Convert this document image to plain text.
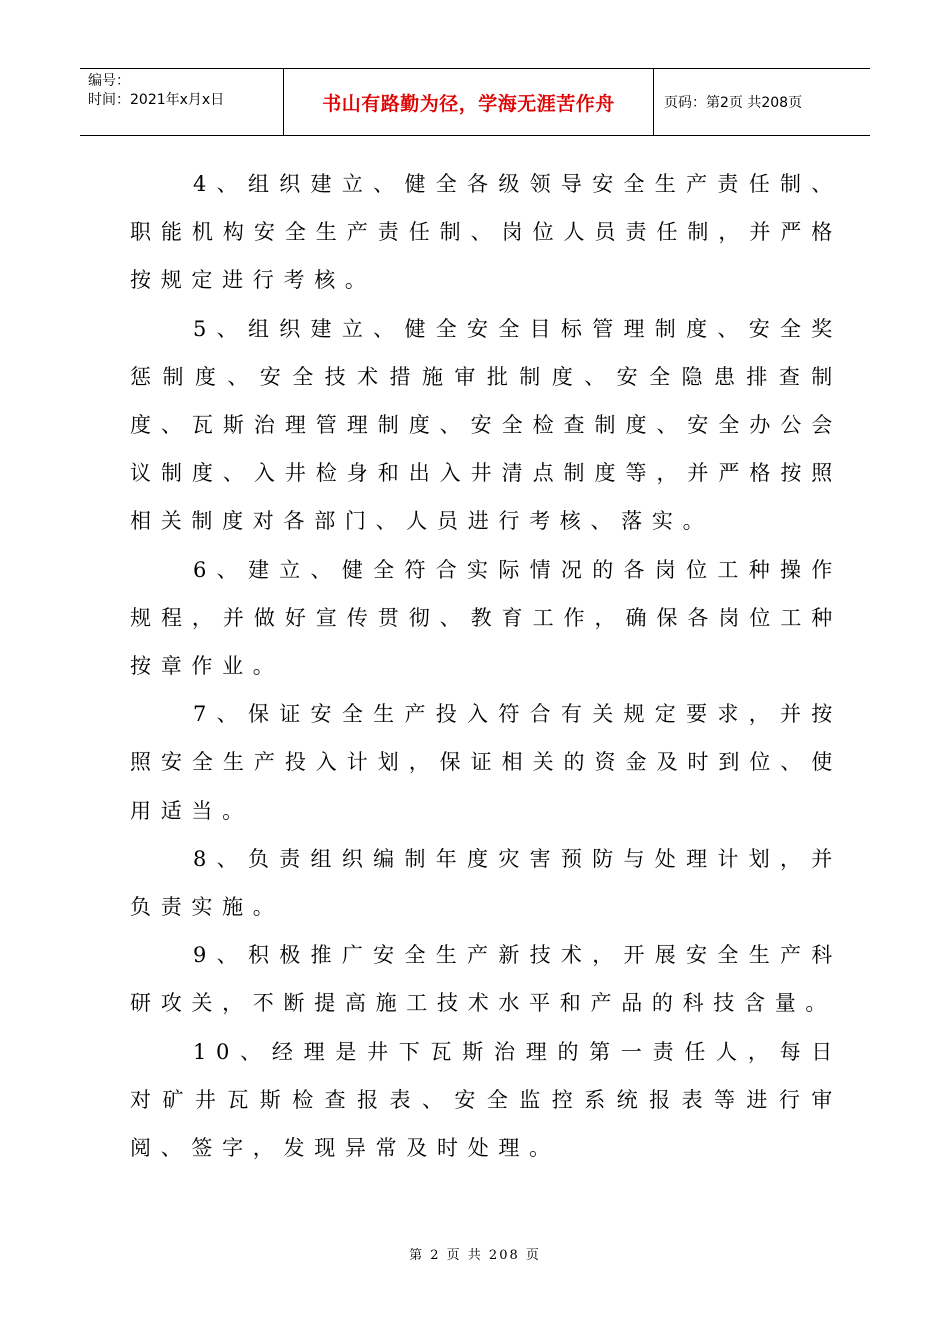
编号：
时间：2021年x月x日	书山有路勤为径，学海无涯苦作舟	页码：第2页 共208页

4、组织建立、健全各级领导安全生产责任制、职能机构安全生产责任制、岗位人员责任制，并严格按规定进行考核。

5、组织建立、健全安全目标管理制度、安全奖惩制度、安全技术措施审批制度、安全隐患排查制度、瓦斯治理管理制度、安全检查制度、安全办公会议制度、入井检身和出入井清点制度等，并严格按照相关制度对各部门、人员进行考核、落实。

6、建立、健全符合实际情况的各岗位工种操作规程，并做好宣传贯彻、教育工作，确保各岗位工种按章作业。

7、保证安全生产投入符合有关规定要求，并按照安全生产投入计划，保证相关的资金及时到位、使用适当。

8、负责组织编制年度灾害预防与处理计划，并负责实施。

9、积极推广安全生产新技术，开展安全生产科研攻关，不断提高施工技术水平和产品的科技含量。

10、经理是井下瓦斯治理的第一责任人，每日对矿井瓦斯检查报表、安全监控系统报表等进行审阅、签字，发现异常及时处理。

第 2 页 共 208 页
